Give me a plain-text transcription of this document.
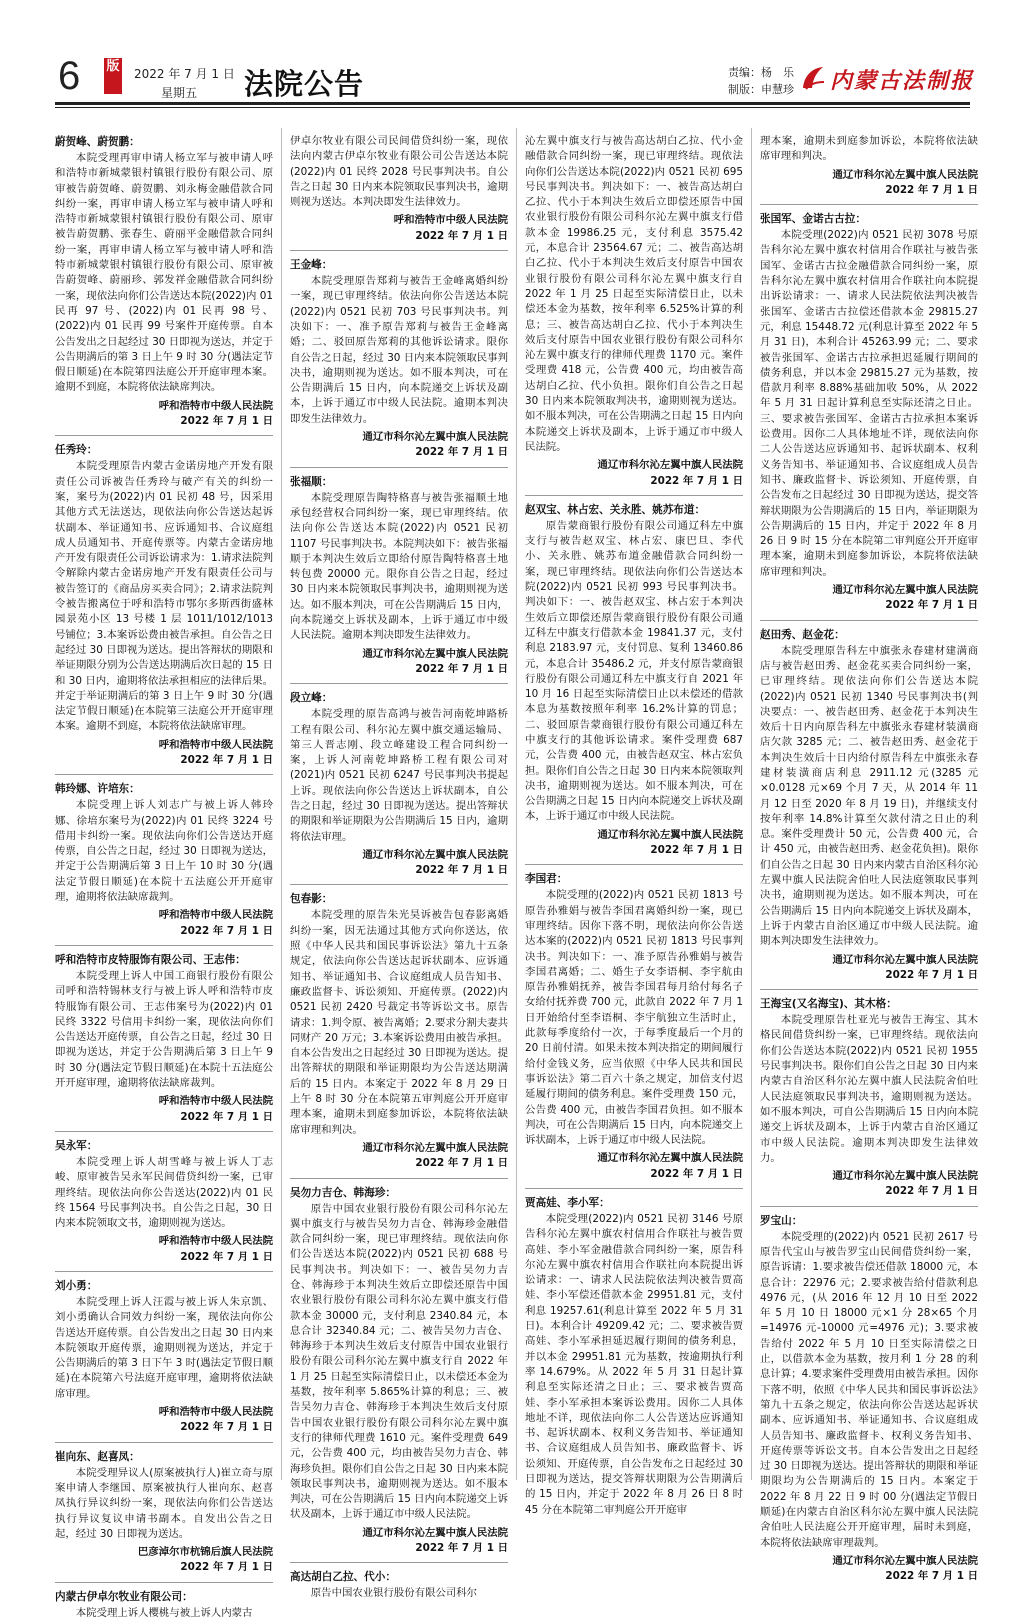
6 版 2022 年 7 月 1 日
星期五 法院公告	责编：杨　乐
制版：申慧珍 内蒙古法制报
蔚贺峰、蔚贺鹏：

本院受理再审申请人杨立军与被申请人呼和浩特市新城蒙银村镇银行股份有限公司、原审被告蔚贺峰、蔚贺鹏、刘永梅金融借款合同纠纷一案，再审申请人杨立军与被申请人呼和浩特市新城蒙银村镇银行股份有限公司、原审被告蔚贺鹏、张春生、蔚丽平金融借款合同纠纷一案，再审申请人杨立军与被申请人呼和浩特市新城蒙银村镇银行股份有限公司、原审被告蔚贺峰、蔚丽珍、郭发祥金融借款合同纠纷一案，现依法向你们公告送达本院(2022)内 01 民再 97 号、(2022)内 01 民再 98 号、(2022)内 01 民再 99 号案件开庭传票。自本公告发出之日起经过 30 日即视为送达，并定于公告期满后的第 3 日上午 9 时 30 分(遇法定节假日顺延)在本院第四法庭公开开庭审理本案。逾期不到庭，本院将依法缺席判决。

呼和浩特市中级人民法院

2022 年 7 月 1 日

任秀玲：

本院受理原告内蒙古金诺房地产开发有限责任公司诉被告任秀玲与破产有关的纠纷一案，案号为(2022)内 01 民初 48 号，因采用其他方式无法送达，现依法向你公告送达起诉状副本、举证通知书、应诉通知书、合议庭组成人员通知书、开庭传票等。内蒙古金诺房地产开发有限责任公司诉讼请求为：1.请求法院判令解除内蒙古金诺房地产开发有限责任公司与被告签订的《商品房买卖合同》；2.请求法院判令被告搬离位于呼和浩特市鄂尔多斯西街盛林园景苑小区 13 号楼 1 层 1011/1012/1013 号铺位；3.本案诉讼费由被告承担。自公告之日起经过 30 日即视为送达。提出答辩状的期限和举证期限分别为公告送达期满后次日起的 15 日和 30 日内，逾期将依法承担相应的法律后果。并定于举证期满后的第 3 日上午 9 时 30 分(遇法定节假日顺延)在本院第三法庭公开开庭审理本案。逾期不到庭，本院将依法缺席审理。

呼和浩特市中级人民法院

2022 年 7 月 1 日

韩玲娜、许培东：

本院受理上诉人刘志广与被上诉人韩玲娜、徐培东案号为(2022)内 01 民终 3224 号借用卡纠纷一案。现依法向你们公告送达开庭传票，自公告之日起，经过 30 日即视为送达，并定于公告期满后第 3 日上午 10 时 30 分(遇法定节假日顺延)在本院十五法庭公开开庭审理，逾期将依法缺席裁判。

呼和浩特市中级人民法院

2022 年 7 月 1 日

呼和浩特市皮特服饰有限公司、王志伟：

本院受理上诉人中国工商银行股份有限公司呼和浩特锡林支行与被上诉人呼和浩特市皮特服饰有限公司、王志伟案号为(2022)内 01 民终 3322 号信用卡纠纷一案，现依法向你们公告送达开庭传票，自公告之日起，经过 30 日即视为送达，并定于公告期满后第 3 日上午 9 时 30 分(遇法定节假日顺延)在本院十五法庭公开开庭审理，逾期将依法缺席裁判。

呼和浩特市中级人民法院

2022 年 7 月 1 日

吴永军：

本院受理上诉人胡雪峰与被上诉人丁志峻、原审被告吴永军民间借贷纠纷一案，已审理终结。现依法向你公告送达(2022)内 01 民终 1564 号民事判决书。自公告之日起，30 日内来本院领取文书，逾期则视为送达。

呼和浩特市中级人民法院

2022 年 7 月 1 日

刘小勇：

本院受理上诉人汪霞与被上诉人朱京凯、刘小勇确认合同效力纠纷一案，现依法向你公告送达开庭传票。自公告发出之日起 30 日内来本院领取开庭传票，逾期则视为送达，并定于公告期满后的第 3 日下午 3 时(遇法定节假日顺延)在本院第六号法庭开庭审理，逾期将依法缺席审理。

呼和浩特市中级人民法院

2022 年 7 月 1 日

崔向东、赵喜凤：

本院受理异议人(原案被执行人)崔立奇与原案申请人李继国、原案被执行人崔向东、赵喜凤执行异议纠纷一案，现依法向你们公告送达执行异议复议申请书副本。自发出公告之日起，经过 30 日即视为送达。

巴彦淖尔市杭锦后旗人民法院

2022 年 7 月 1 日

内蒙古伊卓尔牧业有限公司：

本院受理上诉人樱桃与被上诉人内蒙古

伊卓尔牧业有限公司民间借贷纠纷一案，现依法向内蒙古伊卓尔牧业有限公司公告送达本院(2022)内 01 民终 2028 号民事判决书。自公告之日起 30 日内来本院领取民事判决书，逾期则视为送达。本判决即发生法律效力。

呼和浩特市中级人民法院

2022 年 7 月 1 日

王金峰：

本院受理原告郑莉与被告王金峰离婚纠纷一案，现已审理终结。依法向你公告送达本院(2022)内 0521 民初 703 号民事判决书。判决如下：一、准予原告郑莉与被告王金峰离婚；二、驳回原告郑莉的其他诉讼请求。限你自公告之日起，经过 30 日内来本院领取民事判决书，逾期则视为送达。如不服本判决，可在公告期满后 15 日内，向本院递交上诉状及副本，上诉于通辽市中级人民法院。逾期本判决即发生法律效力。

通辽市科尔沁左翼中旗人民法院

2022 年 7 月 1 日

张福顺：

本院受理原告陶特格喜与被告张福顺土地承包经营权合同纠纷一案，现已审理终结。依法向你公告送达本院(2022)内 0521 民初 1107 号民事判决书。本院判决如下：被告张福顺于本判决生效后立即给付原告陶特格喜土地转包费 20000 元。限你自公告之日起，经过 30 日内来本院领取民事判决书，逾期则视为送达。如不服本判决，可在公告期满后 15 日内，向本院递交上诉状及副本，上诉于通辽市中级人民法院。逾期本判决即发生法律效力。

通辽市科尔沁左翼中旗人民法院

2022 年 7 月 1 日

段立峰：

本院受理的原告高鸿与被告河南乾坤路桥工程有限公司、科尔沁左翼中旗交通运输局、第三人晋志刚、段立峰建设工程合同纠纷一案，上诉人河南乾坤路桥工程有限公司对(2021)内 0521 民初 6247 号民事判决书提起上诉。现依法向你公告送达上诉状副本，自公告之日起，经过 30 日即视为送达。提出答辩状的期限和举证期限为公告期满后 15 日内，逾期将依法审理。

通辽市科尔沁左翼中旗人民法院

2022 年 7 月 1 日

包春影：

本院受理的原告朱光昊诉被告包春影离婚纠纷一案，因无法通过其他方式向你送达，依照《中华人民共和国民事诉讼法》第九十五条规定，依法向你公告送达起诉状副本、应诉通知书、举证通知书、合议庭组成人员告知书、廉政监督卡、诉讼须知、开庭传票。(2022)内 0521 民初 2420 号裁定书等诉讼文书。原告请求：1.判令原、被告离婚；2.要求分割夫妻共同财产 20 万元；3.本案诉讼费用由被告承担。自本公告发出之日起经过 30 日即视为送达。提出答辩状的期限和举证期限均为公告送达期满后的 15 日内。本案定于 2022 年 8 月 29 日上午 8 时 30 分在本院第五审判庭公开开庭审理本案，逾期未到庭参加诉讼，本院将依法缺席审理和判决。

通辽市科尔沁左翼中旗人民法院

2022 年 7 月 1 日

吴勿力吉仓、韩海珍：

原告中国农业银行股份有限公司科尔沁左翼中旗支行与被告吴勿力吉仓、韩海珍金融借款合同纠纷一案，现已审理终结。现依法向你们公告送达本院(2022)内 0521 民初 688 号民事判决书。判决如下：一、被告吴勿力吉仓、韩海珍于本判决生效后立即偿还原告中国农业银行股份有限公司科尔沁左翼中旗支行借款本金 30000 元，支付利息 2340.84 元，本息合计 32340.84 元；二、被告吴勿力吉仓、韩海珍于本判决生效后支付原告中国农业银行股份有限公司科尔沁左翼中旗支行自 2022 年 1 月 25 日起至实际清偿日止，以未偿还本金为基数，按年利率 5.865%计算的利息；三、被告吴勿力吉仓、韩海珍于本判决生效后支付原告中国农业银行股份有限公司科尔沁左翼中旗支行的律师代理费 1610 元。案件受理费 649 元，公告费 400 元，均由被告吴勿力吉仓、韩海珍负担。限你们自公告之日起 30 日内来本院领取民事判决书，逾期则视为送达。如不服本判决，可在公告期满后 15 日内向本院递交上诉状及副本，上诉于通辽市中级人民法院。

通辽市科尔沁左翼中旗人民法院

2022 年 7 月 1 日

高达胡白乙拉、代小：

原告中国农业银行股份有限公司科尔

沁左翼中旗支行与被告高达胡白乙拉、代小金融借款合同纠纷一案，现已审理终结。现依法向你们公告送达本院(2022)内 0521 民初 695 号民事判决书。判决如下：一、被告高达胡白乙拉、代小于本判决生效后立即偿还原告中国农业银行股份有限公司科尔沁左翼中旗支行借款本金 19986.25 元，支付利息 3575.42 元，本息合计 23564.67 元；二、被告高达胡白乙拉、代小于本判决生效后支付原告中国农业银行股份有限公司科尔沁左翼中旗支行自 2022 年 1 月 25 日起至实际清偿日止，以未偿还本金为基数，按年利率 6.525%计算的利息；三、被告高达胡白乙拉、代小于本判决生效后支付原告中国农业银行股份有限公司科尔沁左翼中旗支行的律师代理费 1170 元。案件受理费 418 元，公告费 400 元，均由被告高达胡白乙拉、代小负担。限你们自公告之日起 30 日内来本院领取判决书，逾期则视为送达。如不服本判决，可在公告期满之日起 15 日内向本院递交上诉状及副本，上诉于通辽市中级人民法院。

通辽市科尔沁左翼中旗人民法院

2022 年 7 月 1 日

赵双宝、林占宏、关永胜、姚苏布道：

原告蒙商银行股份有限公司通辽科左中旗支行与被告赵双宝、林占宏、康巴旦、李代小、关永胜、姚苏布道金融借款合同纠纷一案，现已审理终结。现依法向你们公告送达本院(2022)内 0521 民初 993 号民事判决书。判决如下：一、被告赵双宝、林占宏于本判决生效后立即偿还原告蒙商银行股份有限公司通辽科左中旗支行借款本金 19841.37 元，支付利息 2183.97 元，支付罚息、复利 13460.86 元，本息合计 35486.2 元，并支付原告蒙商银行股份有限公司通辽科左中旗支行自 2021 年 10 月 16 日起至实际清偿日止以未偿还的借款本息为基数按照年利率 16.2%计算的罚息；二、驳回原告蒙商银行股份有限公司通辽科左中旗支行的其他诉讼请求。案件受理费 687 元，公告费 400 元，由被告赵双宝、林占宏负担。限你们自公告之日起 30 日内来本院领取判决书，逾期则视为送达。如不服本判决，可在公告期满之日起 15 日内向本院递交上诉状及副本，上诉于通辽市中级人民法院。

通辽市科尔沁左翼中旗人民法院

2022 年 7 月 1 日

李国君：

本院受理的(2022)内 0521 民初 1813 号原告孙雅娟与被告李国君离婚纠纷一案，现已审理终结。因你下落不明，现依法向你公告送达本案的(2022)内 0521 民初 1813 号民事判决书。判决如下：一、准予原告孙雅娟与被告李国君离婚；二、婚生子女李语桐、李宇航由原告孙雅娟抚养，被告李国君每月给付每名子女给付抚养费 700 元，此款自 2022 年 7 月 1 日开始给付至李语桐、李宇航独立生活时止，此款每季度给付一次，于每季度最后一个月的 20 日前付清。如果未按本判决指定的期间履行给付金钱义务，应当依照《中华人民共和国民事诉讼法》第二百六十条之规定，加倍支付迟延履行期间的债务利息。案件受理费 150 元，公告费 400 元，由被告李国君负担。如不服本判决，可在公告期满后 15 日内，向本院递交上诉状副本，上诉于通辽市中级人民法院。

通辽市科尔沁左翼中旗人民法院

2022 年 7 月 1 日

贾高娃、李小军：

本院受理(2022)内 0521 民初 3146 号原告科尔沁左翼中旗农村信用合作联社与被告贾高娃、李小军金融借款合同纠纷一案，原告科尔沁左翼中旗农村信用合作联社向本院提出诉讼请求：一、请求人民法院依法判决被告贾高娃、李小军偿还借款本金 29951.81 元，支付利息 19257.61(利息计算至 2022 年 5 月 31 日)。本利合计 49209.42 元；二、要求被告贾高娃、李小军承担延迟履行期间的债务利息，并以本金 29951.81 元为基数，按逾期执行利率 14.679%。从 2022 年 5 月 31 日起计算利息至实际还清之日止；三、要求被告贾高娃、李小军承担本案诉讼费用。因你二人具体地址不详，现依法向你二人公告送达应诉通知书、起诉状副本、权利义务告知书、举证通知书、合议庭组成人员告知书、廉政监督卡、诉讼须知、开庭传票，自公告发布之日起经过 30 日即视为送达，提交答辩状期限为公告期满后的 15 日内，并定于 2022 年 8 月 26 日 8 时 45 分在本院第二审判庭公开开庭审

理本案，逾期未到庭参加诉讼，本院将依法缺席审理和判决。

通辽市科尔沁左翼中旗人民法院

2022 年 7 月 1 日

张国军、金诺古古拉：

本院受理(2022)内 0521 民初 3078 号原告科尔沁左翼中旗农村信用合作联社与被告张国军、金诺古古拉金融借款合同纠纷一案，原告科尔沁左翼中旗农村信用合作联社向本院提出诉讼请求：一、请求人民法院依法判决被告张国军、金诺古古拉偿还借款本金 29815.27 元，利息 15448.72 元(利息计算至 2022 年 5 月 31 日)，本利合计 45263.99 元；二、要求被告张国军、金诺古古拉承担迟延履行期间的债务利息，并以本金 29815.27 元为基数，按借款月利率 8.88%基础加收 50%，从 2022 年 5 月 31 日起计算利息至实际还清之日止。三、要求被告张国军、金诺古古拉承担本案诉讼费用。因你二人具体地址不详，现依法向你二人公告送达应诉通知书、起诉状副本、权利义务告知书、举证通知书、合议庭组成人员告知书、廉政监督卡、诉讼须知、开庭传票，自公告发布之日起经过 30 日即视为送达，提交答辩状期限为公告期满后的 15 日内，举证期限为公告期满后的 15 日内，并定于 2022 年 8 月 26 日 9 时 15 分在本院第二审判庭公开开庭审理本案，逾期未到庭参加诉讼，本院将依法缺席审理和判决。

通辽市科尔沁左翼中旗人民法院

2022 年 7 月 1 日

赵田秀、赵金花：

本院受理原告科左中旗张永春建材建满商店与被告赵田秀、赵金花买卖合同纠纷一案，已审理终结。现依法向你们公告送达本院(2022)内 0521 民初 1340 号民事判决书(判决要点：一、被告赵田秀、赵金花于本判决生效后十日内向原告科左中旗张永春建材装潢商店欠款 3285 元；二、被告赵田秀、赵金花于本判决生效后十日内给付原告科左中旗张永春建材装潢商店利息 2911.12 元(3285 元×0.0128 元×69 个月 7 天，从 2014 年 11 月 12 日至 2020 年 8 月 19 日)，并继续支付按年利率 14.8%计算至欠款付清之日止的利息。案件受理费计 50 元，公告费 400 元，合计 450 元，由被告赵田秀、赵金花负担)。限你们自公告之日起 30 日内来内蒙古自治区科尔沁左翼中旗人民法院舍伯吐人民法庭领取民事判决书，逾期则视为送达。如不服本判决，可在公告期满后 15 日内向本院递交上诉状及副本，上诉于内蒙古自治区通辽市中级人民法院。逾期本判决即发生法律效力。

通辽市科尔沁左翼中旗人民法院

2022 年 7 月 1 日

王海宝(又名海宝)、其木格：

本院受理原告杜亚光与被告王海宝、其木格民间借贷纠纷一案，已审理终结。现依法向你们公告送达本院(2022)内 0521 民初 1955 号民事判决书。限你们自公告之日起 30 日内来内蒙古自治区科尔沁左翼中旗人民法院舍伯吐人民法庭领取民事判决书，逾期则视为送达。如不服本判决，可自公告期满后 15 日内向本院递交上诉状及副本，上诉于内蒙古自治区通辽市中级人民法院。逾期本判决即发生法律效力。

通辽市科尔沁左翼中旗人民法院

2022 年 7 月 1 日

罗宝山：

本院受理的(2022)内 0521 民初 2617 号原告代宝山与被告罗宝山民间借贷纠纷一案，原告诉请：1.要求被告偿还借款 18000 元，本息合计：22976 元；2.要求被告给付借款利息 4976 元，(从 2016 年 12 月 10 日至 2022 年 5 月 10 日 18000 元×1 分 28×65 个月=14976 元-10000 元=4976 元)；3.要求被告给付 2022 年 5 月 10 日至实际清偿之日止，以借款本金为基数，按月利 1 分 28 的利息计算；4.要求案件受理费用由被告承担。因你下落不明，依照《中华人民共和国民事诉讼法》第九十五条之规定，依法向你公告送达起诉状副本、应诉通知书、举证通知书、合议庭组成人员告知书、廉政监督卡、权利义务告知书、开庭传票等诉讼文书。自本公告发出之日起经过 30 日即视为送达。提出答辩状的期限和举证期限均为公告期满后的 15 日内。本案定于 2022 年 8 月 22 日 9 时 00 分(遇法定节假日顺延)在内蒙古自治区科尔沁左翼中旗人民法院舍伯吐人民法庭公开开庭审理，届时未到庭，本院将依法缺席审理裁判。

通辽市科尔沁左翼中旗人民法院

2022 年 7 月 1 日
